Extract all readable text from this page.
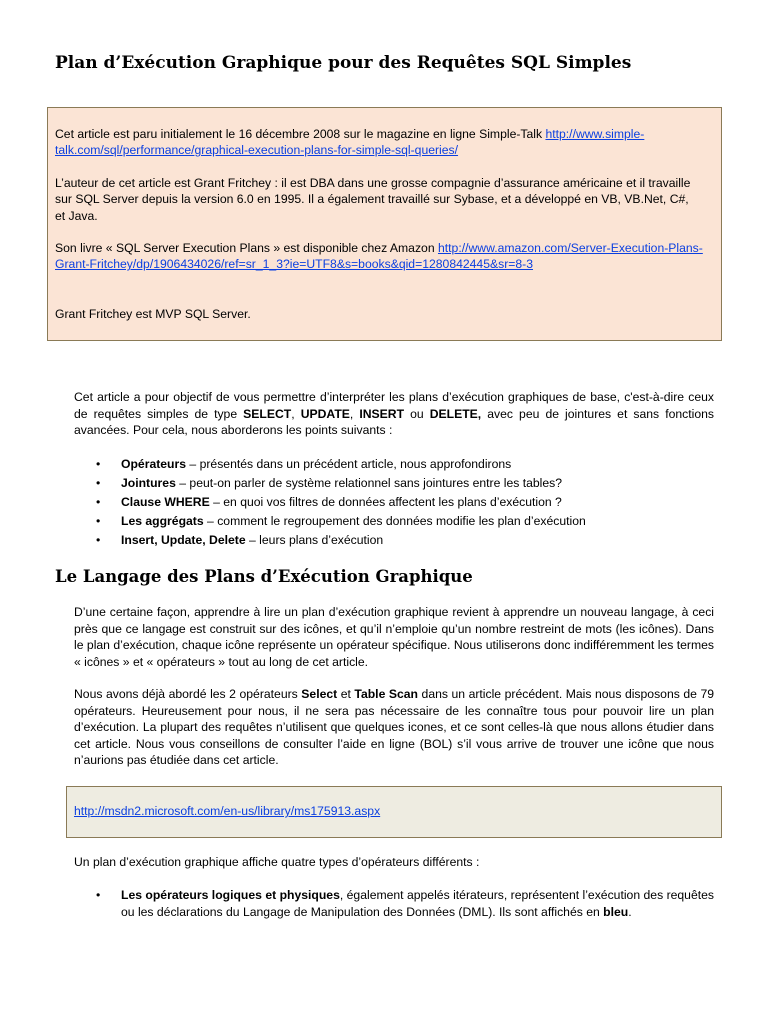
Plan d’Exécution Graphique pour des Requêtes SQL Simples

Cet article est paru initialement le 16 décembre 2008 sur le magazine en ligne Simple-Talk http://www.simple-talk.com/sql/performance/graphical-execution-plans-for-simple-sql-queries/

L’auteur de cet article est Grant Fritchey : il est DBA dans une grosse compagnie d’assurance américaine et il travaille sur SQL Server depuis la version 6.0 en 1995. Il a également travaillé sur Sybase, et a développé en VB, VB.Net, C#, et Java.

Son livre « SQL Server Execution Plans » est disponible chez Amazon http://www.amazon.com/Server-Execution-Plans-Grant-Fritchey/dp/1906434026/ref=sr_1_3?ie=UTF8&s=books&qid=1280842445&sr=8-3

Grant Fritchey est MVP SQL Server.

Cet article a pour objectif de vous permettre d’interpréter les plans d’exécution graphiques de base, c'est-à-dire ceux de requêtes simples de type SELECT, UPDATE, INSERT ou DELETE, avec peu de jointures et sans fonctions avancées. Pour cela, nous aborderons les points suivants :

• Opérateurs – présentés dans un précédent article, nous approfondirons
• Jointures – peut-on parler de système relationnel sans jointures entre les tables?
• Clause WHERE – en quoi vos filtres de données affectent les plans d’exécution ?
• Les aggrégats – comment le regroupement des données modifie les plan d’exécution
• Insert, Update, Delete – leurs plans d’exécution
Le Langage des Plans d’Exécution Graphique

D’une certaine façon, apprendre à lire un plan d’exécution graphique revient à apprendre un nouveau langage, à ceci près que ce langage est construit sur des icônes, et qu’il n’emploie qu’un nombre restreint de mots (les icônes). Dans le plan d’exécution, chaque icône représente un opérateur spécifique. Nous utiliserons donc indifféremment les termes « icônes » et « opérateurs » tout au long de cet article.

Nous avons déjà abordé les 2 opérateurs Select et Table Scan dans un article précédent. Mais nous disposons de 79 opérateurs. Heureusement pour nous, il ne sera pas nécessaire de les connaître tous pour pouvoir lire un plan d’exécution. La plupart des requêtes n’utilisent que quelques icones, et ce sont celles-là que nous allons étudier dans cet article. Nous vous conseillons de consulter l’aide en ligne (BOL) s’il vous arrive de trouver une icône que nous n’aurions pas étudiée dans cet article.

http://msdn2.microsoft.com/en-us/library/ms175913.aspx

Un plan d’exécution graphique affiche quatre types d’opérateurs différents :

• Les opérateurs logiques et physiques, également appelés itérateurs, représentent l’exécution des requêtes ou les déclarations du Langage de Manipulation des Données (DML). Ils sont affichés en bleu.
